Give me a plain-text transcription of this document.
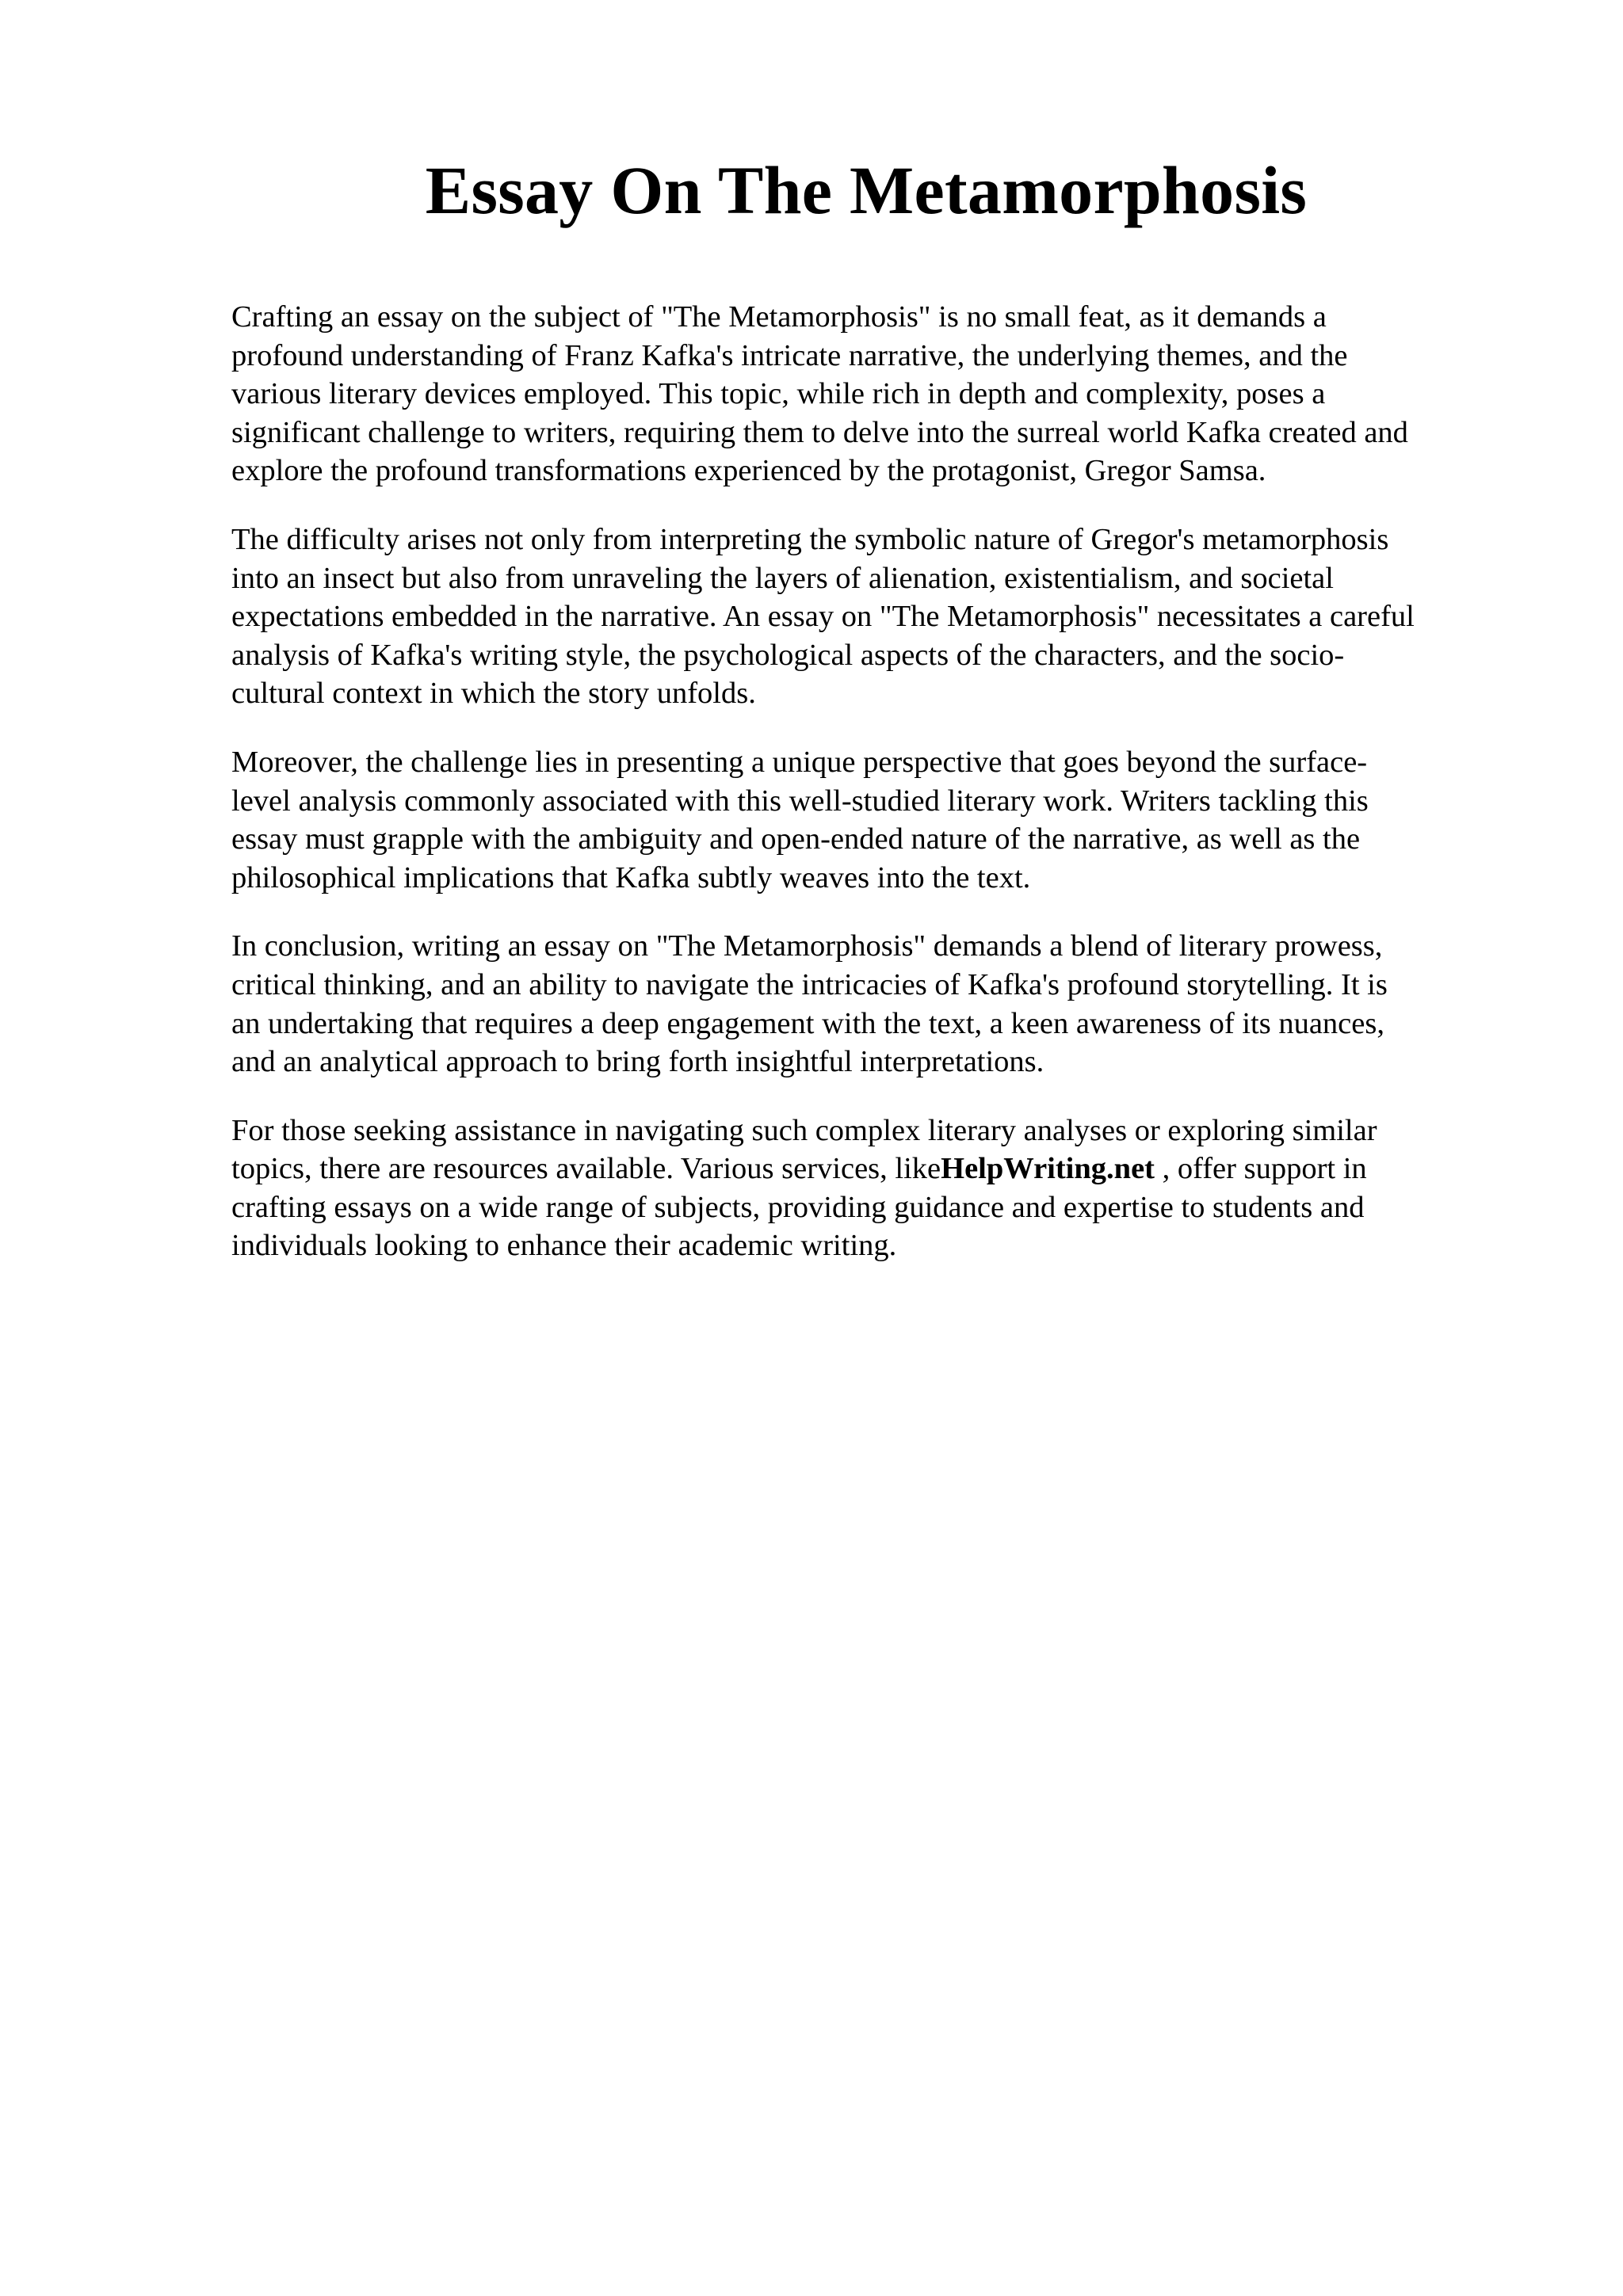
Essay On The Metamorphosis

Crafting an essay on the subject of "The Metamorphosis" is no small feat, as it demands a
profound understanding of Franz Kafka's intricate narrative, the underlying themes, and the
various literary devices employed. This topic, while rich in depth and complexity, poses a
significant challenge to writers, requiring them to delve into the surreal world Kafka created and
explore the profound transformations experienced by the protagonist, Gregor Samsa.

The difficulty arises not only from interpreting the symbolic nature of Gregor's metamorphosis
into an insect but also from unraveling the layers of alienation, existentialism, and societal
expectations embedded in the narrative. An essay on "The Metamorphosis" necessitates a careful
analysis of Kafka's writing style, the psychological aspects of the characters, and the socio-
cultural context in which the story unfolds.

Moreover, the challenge lies in presenting a unique perspective that goes beyond the surface-
level analysis commonly associated with this well-studied literary work. Writers tackling this
essay must grapple with the ambiguity and open-ended nature of the narrative, as well as the
philosophical implications that Kafka subtly weaves into the text.

In conclusion, writing an essay on "The Metamorphosis" demands a blend of literary prowess,
critical thinking, and an ability to navigate the intricacies of Kafka's profound storytelling. It is
an undertaking that requires a deep engagement with the text, a keen awareness of its nuances,
and an analytical approach to bring forth insightful interpretations.

For those seeking assistance in navigating such complex literary analyses or exploring similar
topics, there are resources available. Various services, likeHelpWriting.net , offer support in
crafting essays on a wide range of subjects, providing guidance and expertise to students and
individuals looking to enhance their academic writing.
